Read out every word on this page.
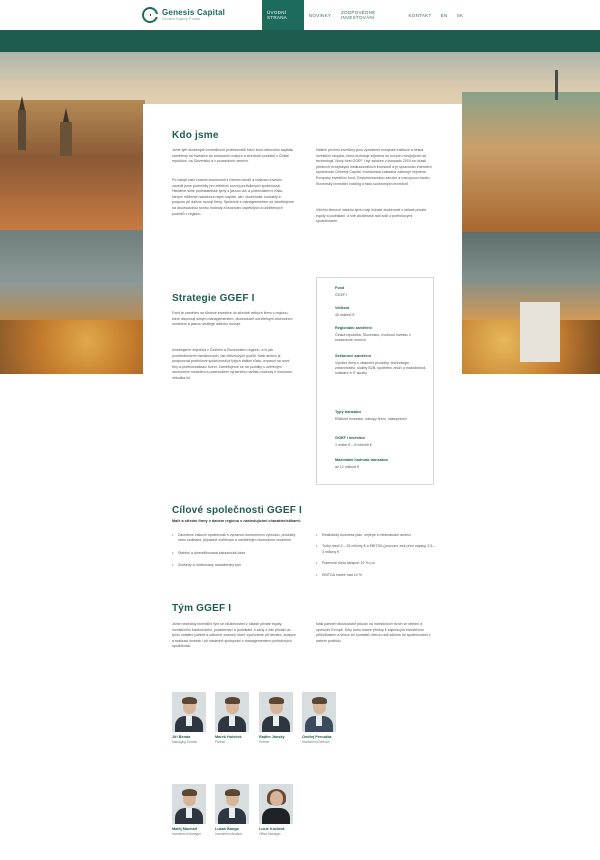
Genesis Capital
Growth Equity Funds
ÚVODNÍ STRANA	NOVINKY	ZODPOVĚDNÉ INVESTOVÁNÍ	KONTAKT	EN	SK
Kdo jsme
Jsme tým zkušených investičních profesionálů řídící fond rizikového kapitálu zaměřený na investice do rostoucích malých a středních podniků v České republice, na Slovensku a v sousedních zemích.
Po nabytí naší značné zkušenosti s řízením fondů a realizací investic, zavedli jsme podmínky pro efektivní rozvoj portfoliových společností. Hledáme silné podnikatelské týmy s jasnou vizí a potenciálem k růstu, kterým můžeme nabídnout nejen kapitál, ale i zkušenosti, kontakty a podporu při dalším rozvoji firmy. Společně s managementem se zaměřujeme na dlouhodobou tvorbu hodnoty a budování úspěšných a udržitelných podniků v regionu.
Našimi prvními investory jsou významné evropské instituce a česká investiční skupina, která investuje zejména do nových rozvíjejících se technologií. Nový fond GGEF I byl založen v listopadu 2019 za účasti předních evropských institucionálních investorů a je spravován investiční společností Genesis Capital. Investorská základna zahrnuje zejména Evropský investiční fond, Českomoravskou záruční a rozvojovou banku, Slovenský investiční holding a řadu soukromých investorů.
Všichni členové našeho týmu mají bohaté zkušenosti z oblasti private equity a podnikání, a své zkušenosti rádi sdílí s portfoliovými společnostmi.
Strategie GGEF I
Fond je zaměřen na růstové investice do středně velkých firem v regionu, které disponují silným managementem, dlouhodobě udržitelným obchodním modelem a jasnou strategií dalšího rozvoje.
Investujeme zejména v Českém a Slovenském regionu, a to jak prostřednictvím menšinových, tak většinových podílů. Naší ambicí je podporovat portfoliové společnosti při jejich dalším růstu, expanzi na nové trhy a profesionalizaci řízení. Zaměřujeme se na podniky s ověřeným obchodním modelem a potenciálem výrazného nárůstu hodnoty v horizontu několika let.
Fond
GGEF I
Velikost
40 milionů €
Regionální zaměření
Česká republika, Slovensko, možnost investic v sousedních zemích
Sektorové zaměření
Výrobní firmy s vlastními produkty, technologie, zdravotnictví, služby B2B, spotřební zboží a maloobchod, software a IT služby
Typy transakcí
Růstové investice, odkupy firem, nástupnictví
GGEF I investice
1 milion € – 6 milionů €
Maximální hodnota transakce
až 12 milionů €
Cílové společnosti GGEF I
Malé a střední firmy v daném regionu s následujícími charakteristikami:
• Zavedené ziskové společnosti s výraznou konkurenční výhodou, produkty nebo službami, případně ověřeným a udržitelným obchodním modelem
• Stabilní a diverzifikovaná zákaznická báze
• Zkušený a motivovaný manažerský tým
• Realistický business plán, nejlépe s mezinárodní ambicí
• Tržby mezi 3 – 25 miliony € a EBITDA (provozní zisk před odpisy) 0,5 – 3 miliony €
• Potenciál růstu alespoň 10 % p.a.
• EBITDA marže nad 10 %
Tým GGEF I
Jsme nezávislý investiční tým se zkušenostmi z oblasti private equity, investičního bankovnictví, poradenství a podnikání. Každý z nás přináší do týmu unikátní pohled a odborné znalosti, které využíváme při hledání, analýze a realizaci investic i při následné spolupráci s managementem portfoliových společností.
Naši partneři dlouhodobě působí na investičních trzích ve střední a východní Evropě. Díky tomu máme přístup k zajímavým investičním příležitostem a silnou síť kontaktů, kterou rádi sdílíme se společnostmi v našem portfoliu.
Jiří Benda
Managing Partner
Marek Holeček
Partner
Radim Jánský
Partner
Ondřej Peroutka
Investment Director
Matěj Machart
Investment Manager
Lukáš Banga
Investment Analyst
Lucie Kozlová
Office Manager
